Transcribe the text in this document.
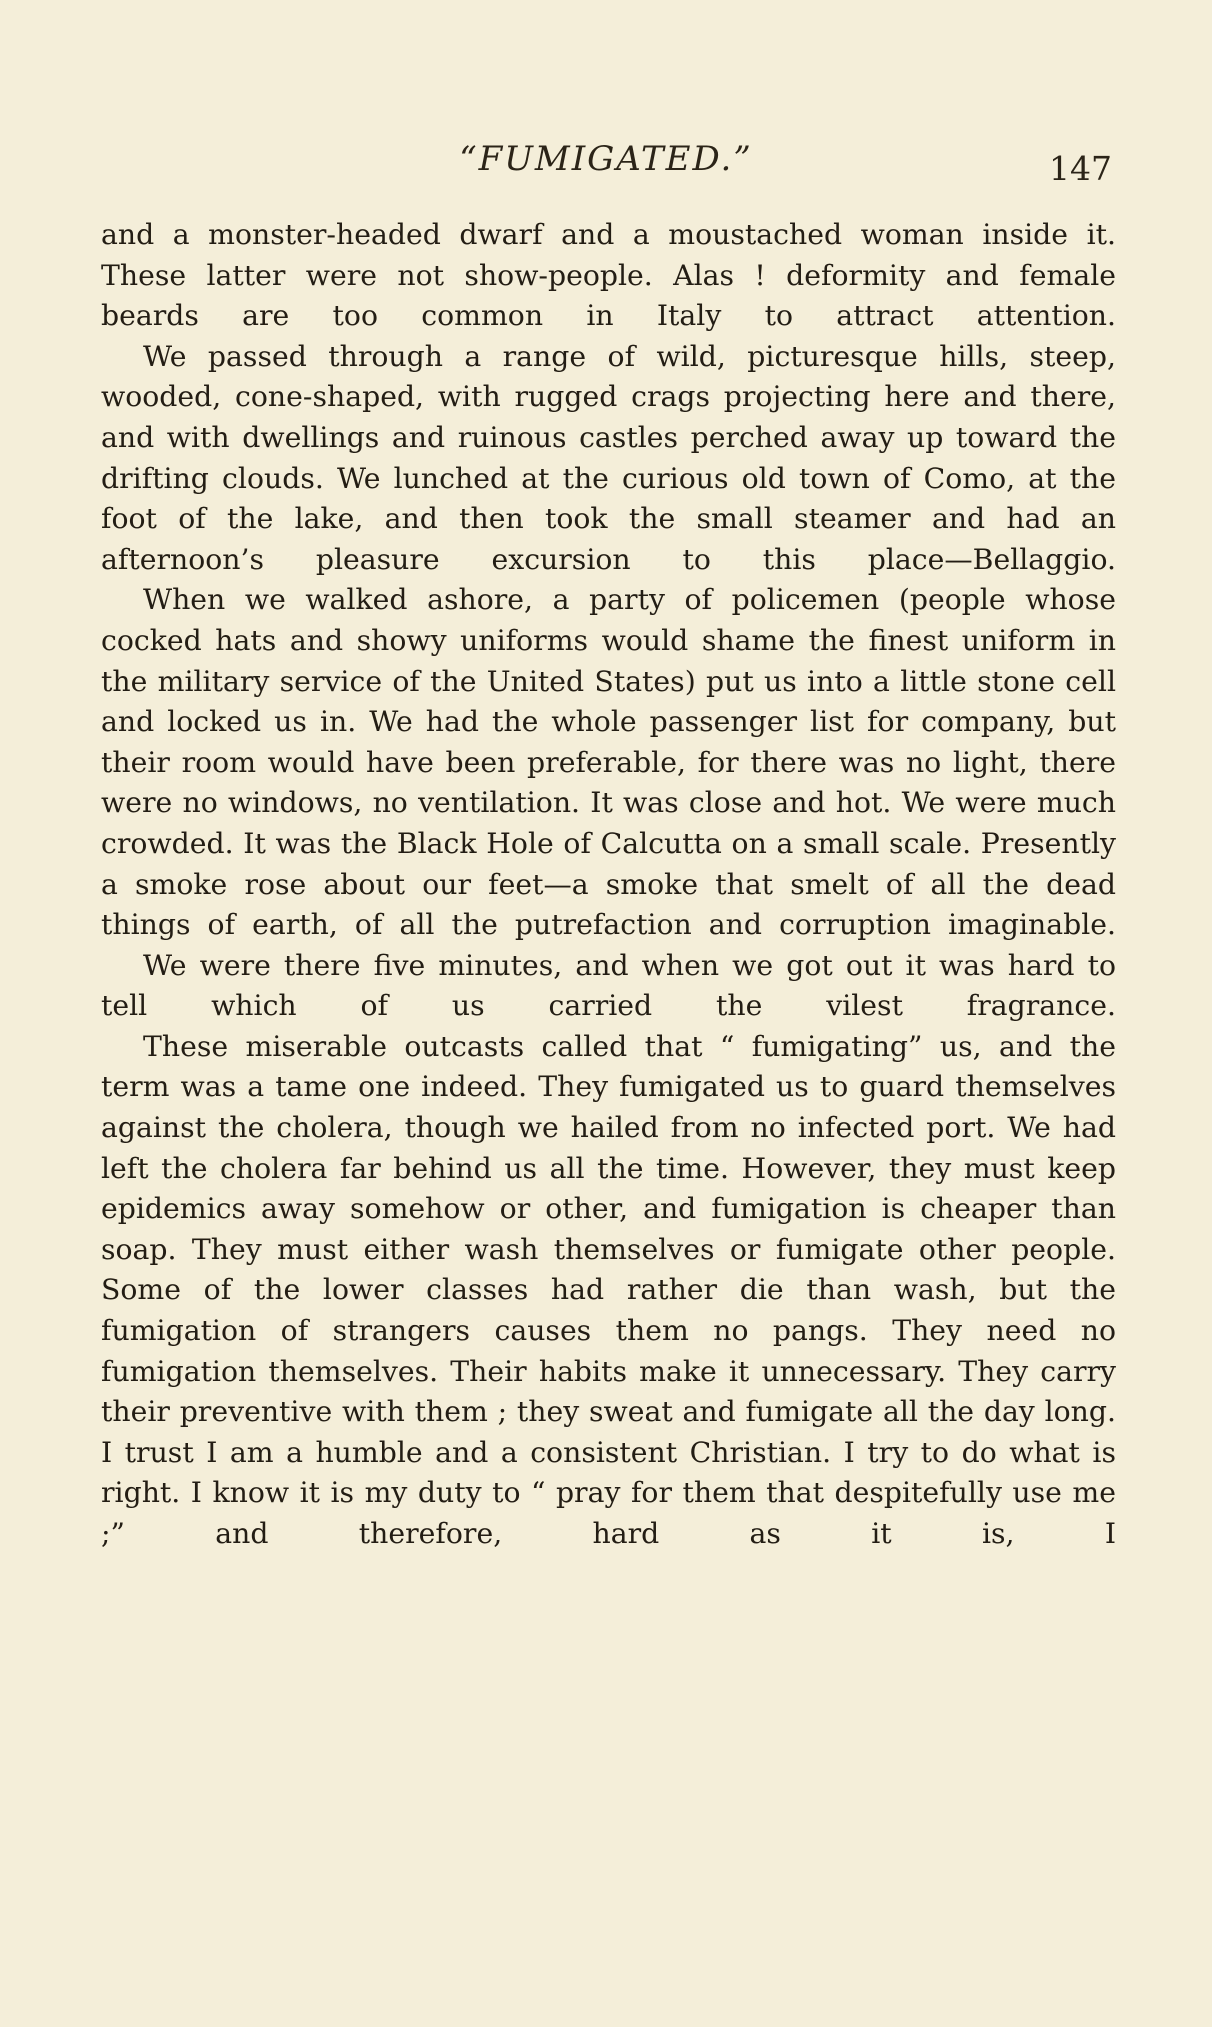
“FUMIGATED.”	147

and a monster-headed dwarf and a moustached woman inside it. These latter were not show-people. Alas ! deformity and female beards are too common in Italy to attract attention.

We passed through a range of wild, picturesque hills, steep, wooded, cone-shaped, with rugged crags projecting here and there, and with dwellings and ruinous castles perched away up toward the drifting clouds. We lunched at the curious old town of Como, at the foot of the lake, and then took the small steamer and had an afternoon’s pleasure excursion to this place—Bellaggio.

When we walked ashore, a party of policemen (people whose cocked hats and showy uniforms would shame the finest uniform in the military service of the United States) put us into a little stone cell and locked us in. We had the whole passenger list for company, but their room would have been preferable, for there was no light, there were no windows, no ventilation. It was close and hot. We were much crowded. It was the Black Hole of Calcutta on a small scale. Presently a smoke rose about our feet—a smoke that smelt of all the dead things of earth, of all the putrefaction and corruption imaginable.

We were there five minutes, and when we got out it was hard to tell which of us carried the vilest fragrance.

These miserable outcasts called that “ fumigating” us, and the term was a tame one indeed. They fumigated us to guard themselves against the cholera, though we hailed from no infected port. We had left the cholera far behind us all the time. However, they must keep epidemics away somehow or other, and fumigation is cheaper than soap. They must either wash themselves or fumigate other people. Some of the lower classes had rather die than wash, but the fumigation of strangers causes them no pangs. They need no fumigation themselves. Their habits make it unnecessary. They carry their preventive with them ; they sweat and fumigate all the day long. I trust I am a humble and a consistent Christian. I try to do what is right. I know it is my duty to “ pray for them that despitefully use me ;” and therefore, hard as it is, I
